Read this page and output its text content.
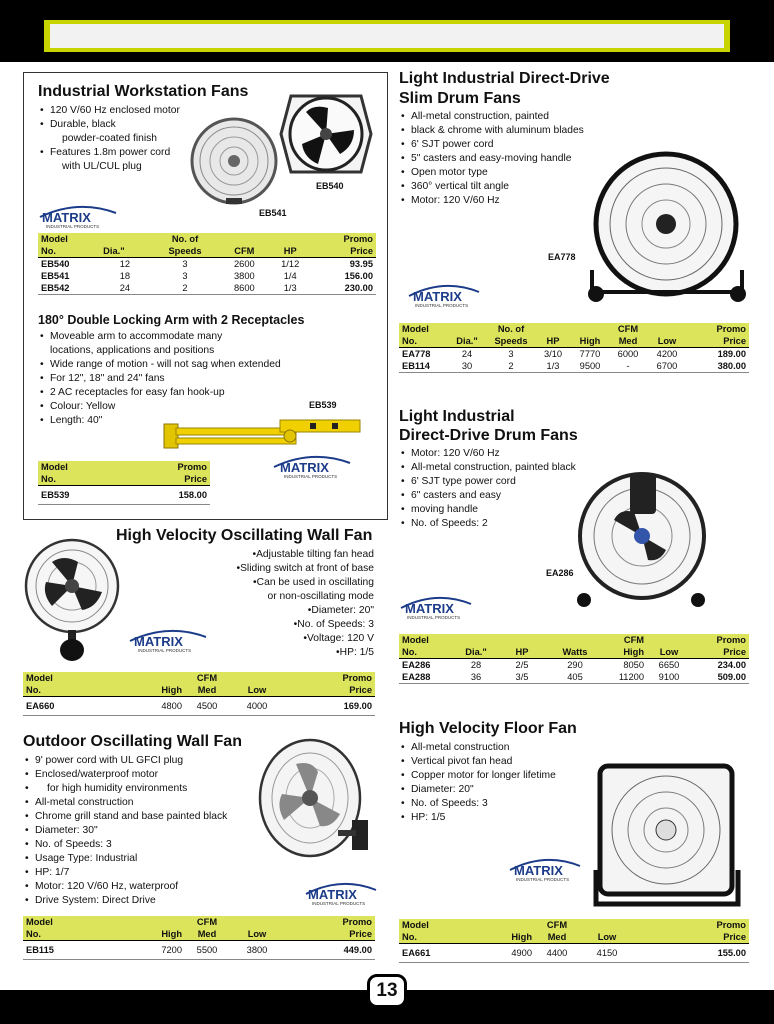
Industrial Workstation Fans
• 120 V/60 Hz enclosed motor
• Durable, black
powder-coated finish
• Features 1.8m power cord
with UL/CUL plug
EB540
EB541
MATRIX
INDUSTRIAL PRODUCTS
Model		No. of			Promo
No.	Dia."	Speeds	CFM	HP	Price
EB540	12	3	2600	1/12	93.95
EB541	18	3	3800	1/4	156.00
EB542	24	2	8600	1/3	230.00
180° Double Locking Arm with 2 Receptacles
• Moveable arm to accommodate many
locations, applications and positions
• Wide range of motion - will not sag when extended
• For 12", 18" and 24" fans
• 2 AC receptacles for easy fan hook-up
• Colour: Yellow
• Length: 40"
EB539
MATRIX
INDUSTRIAL PRODUCTS
Model	Promo
No.	Price
EB539	158.00
High Velocity Oscillating Wall Fan
• Adjustable tilting fan head
• Sliding switch at front of base
• Can be used in oscillating
or non-oscillating mode
• Diameter: 20"
• No. of Speeds: 3
• Voltage: 120 V
• HP: 1/5
MATRIX
INDUSTRIAL PRODUCTS
Model		CFM		Promo
No.	High	Med	Low	Price
EA660	4800	4500	4000	169.00
Outdoor Oscillating Wall Fan
• 9' power cord with UL GFCI plug
• Enclosed/waterproof motor
• for high humidity environments
• All-metal construction
• Chrome grill stand and base painted black
• Diameter: 30"
• No. of Speeds: 3
• Usage Type: Industrial
• HP: 1/7
• Motor: 120 V/60 Hz, waterproof
• Drive System: Direct Drive	MATRIX
INDUSTRIAL PRODUCTS
Model		CFM		Promo
No.	High	Med	Low	Price
EB115	7200	5500	3800	449.00
Light Industrial Direct-Drive
Slim Drum Fans
• All-metal construction, painted
• black & chrome with aluminum blades
• 6' SJT power cord
• 5" casters and easy-moving handle
• Open motor type
• 360° vertical tilt angle
• Motor: 120 V/60 Hz
EA778
MATRIX
INDUSTRIAL PRODUCTS
Model		No. of			CFM		Promo
No.	Dia."	Speeds	HP	High	Med	Low	Price
EA778	24	3	3/10	7770	6000	4200	189.00
EB114	30	2	1/3	9500	-	6700	380.00
Light Industrial
Direct-Drive Drum Fans
• Motor: 120 V/60 Hz
• All-metal construction, painted black
• 6' SJT type power cord
• 6" casters and easy
• moving handle
• No. of Speeds: 2
EA286
MATRIX
INDUSTRIAL PRODUCTS
Model				CFM		Promo
No.	Dia."	HP	Watts	High	Low	Price
EA286	28	2/5	290	8050	6650	234.00
EA288	36	3/5	405	11200	9100	509.00
High Velocity Floor Fan
• All-metal construction
• Vertical pivot fan head
• Copper motor for longer lifetime
• Diameter: 20"
• No. of Speeds: 3
• HP: 1/5
MATRIX
INDUSTRIAL PRODUCTS
Model		CFM		Promo
No.	High	Med	Low	Price
EA661	4900	4400	4150	155.00
13
